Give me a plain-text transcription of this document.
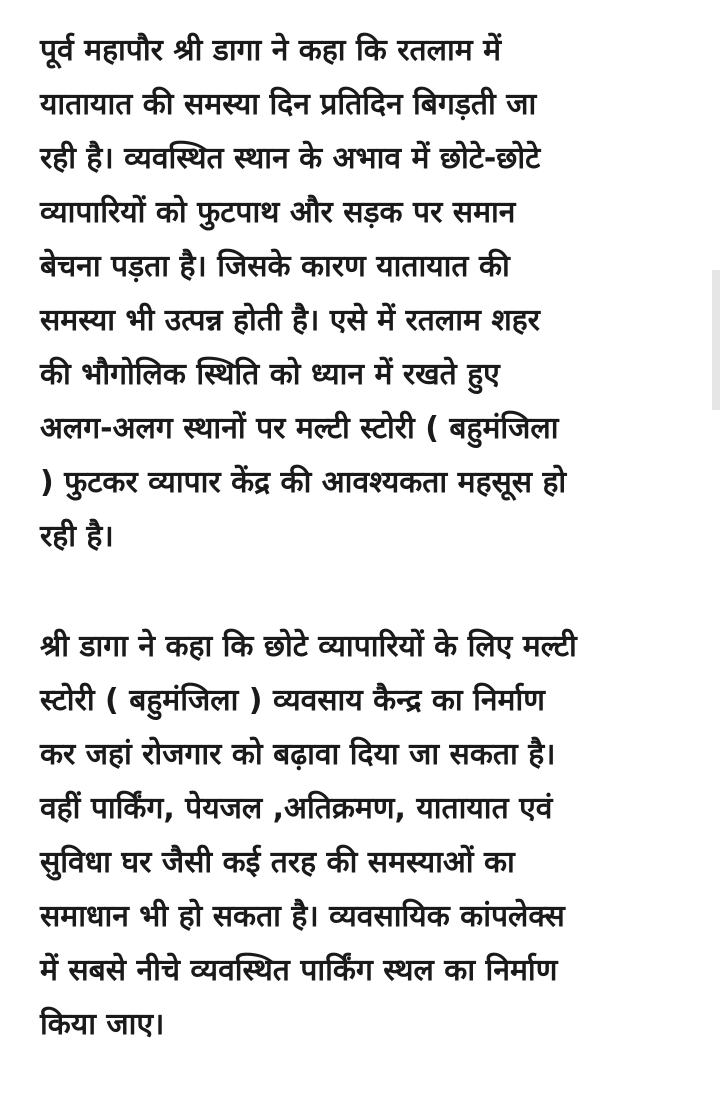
पूर्व महापौर श्री डागा ने कहा कि रतलाम में
यातायात की समस्या दिन प्रतिदिन बिगड़ती जा
रही है। व्यवस्थित स्थान के अभाव में छोटे-छोटे
व्यापारियों को फुटपाथ और सड़क पर समान
बेचना पड़ता है। जिसके कारण यातायात की
समस्या भी उत्पन्न होती है। एसे में रतलाम शहर
की भौगोलिक स्थिति को ध्यान में रखते हुए
अलग-अलग स्थानों पर मल्टी स्टोरी ( बहुमंजिला
) फुटकर व्यापार केंद्र की आवश्यकता महसूस हो
रही है।
श्री डागा ने कहा कि छोटे व्यापारियों के लिए मल्टी
स्टोरी ( बहुमंजिला ) व्यवसाय कैन्द्र का निर्माण
कर जहां रोजगार को बढ़ावा दिया जा सकता है।
वहीं पार्किंग, पेयजल ,अतिक्रमण, यातायात एवं
सुविधा घर जैसी कई तरह की समस्याओं का
समाधान भी हो सकता है। व्यवसायिक कांपलेक्स
में सबसे नीचे व्यवस्थित पार्किंग स्थल का निर्माण
किया जाए।
